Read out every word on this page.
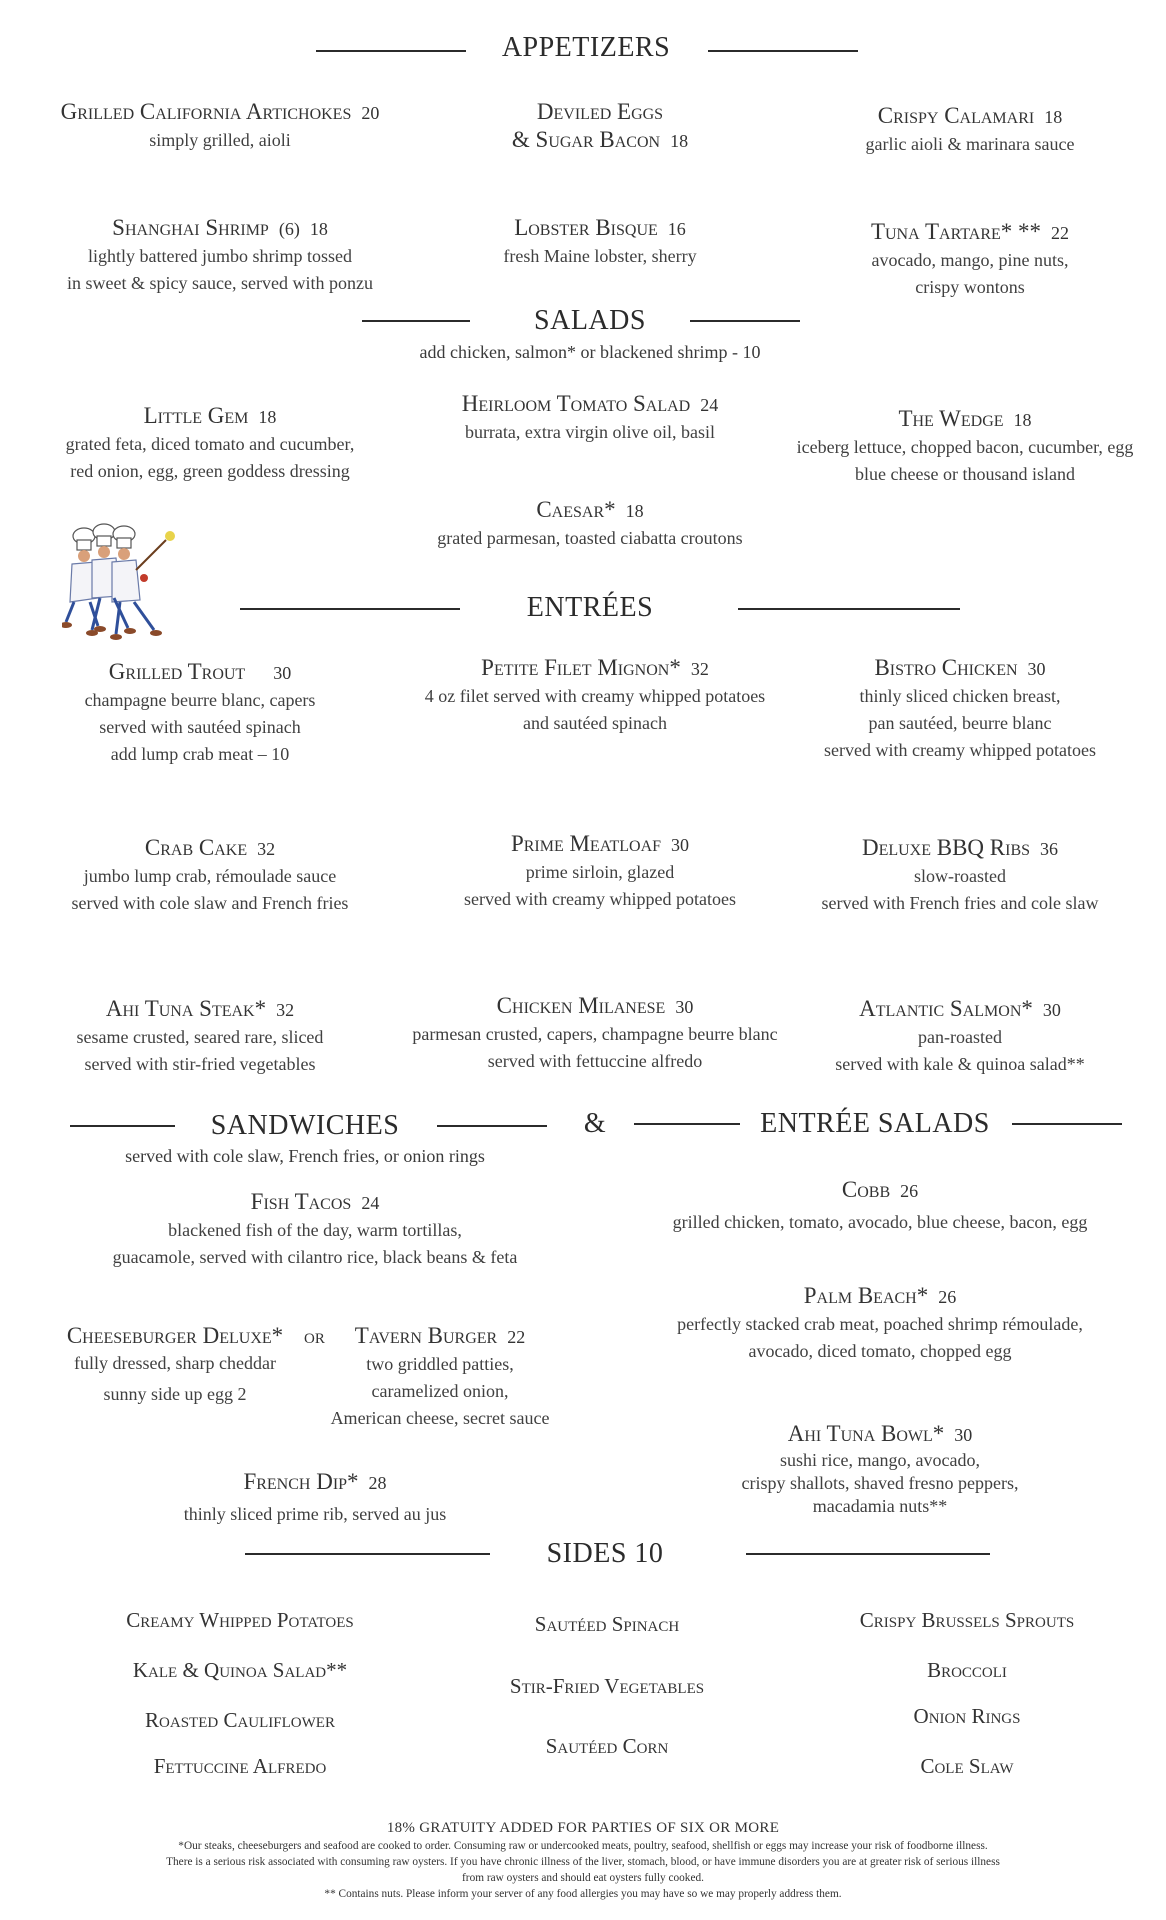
APPETIZERS
Grilled California Artichokes 20
simply grilled, aioli
Deviled Eggs
& Sugar Bacon 18
Crispy Calamari 18
garlic aioli & marinara sauce
Shanghai Shrimp (6) 18
lightly battered jumbo shrimp tossed
in sweet & spicy sauce, served with ponzu
Lobster Bisque 16
fresh Maine lobster, sherry
Tuna Tartare* ** 22
avocado, mango, pine nuts,
crispy wontons
SALADS
add chicken, salmon* or blackened shrimp - 10
Little Gem 18
grated feta, diced tomato and cucumber,
red onion, egg, green goddess dressing
Heirloom Tomato Salad 24
burrata, extra virgin olive oil, basil
The Wedge 18
iceberg lettuce, chopped bacon, cucumber, egg
blue cheese or thousand island
Caesar* 18
grated parmesan, toasted ciabatta croutons
ENTRÉES
Grilled Trout 30
champagne beurre blanc, capers
served with sautéed spinach
add lump crab meat – 10
Petite Filet Mignon* 32
4 oz filet served with creamy whipped potatoes
and sautéed spinach
Bistro Chicken 30
thinly sliced chicken breast,
pan sautéed, beurre blanc
served with creamy whipped potatoes
Crab Cake 32
jumbo lump crab, rémoulade sauce
served with cole slaw and French fries
Prime Meatloaf 30
prime sirloin, glazed
served with creamy whipped potatoes
Deluxe BBQ Ribs 36
slow-roasted
served with French fries and cole slaw
Ahi Tuna Steak* 32
sesame crusted, seared rare, sliced
served with stir-fried vegetables
Chicken Milanese 30
parmesan crusted, capers, champagne beurre blanc
served with fettuccine alfredo
Atlantic Salmon* 30
pan-roasted
served with kale & quinoa salad**
SANDWICHES	&	ENTRÉE SALADS
served with cole slaw, French fries, or onion rings
Fish Tacos 24
blackened fish of the day, warm tortillas,
guacamole, served with cilantro rice, black beans & feta
Cheeseburger Deluxe*
fully dressed, sharp cheddar
sunny side up egg 2
or	Tavern Burger 22
two griddled patties,
caramelized onion,
American cheese, secret sauce
French Dip* 28
thinly sliced prime rib, served au jus
Cobb 26
grilled chicken, tomato, avocado, blue cheese, bacon, egg
Palm Beach* 26
perfectly stacked crab meat, poached shrimp rémoulade,
avocado, diced tomato, chopped egg
Ahi Tuna Bowl* 30
sushi rice, mango, avocado,
crispy shallots, shaved fresno peppers,
macadamia nuts**
SIDES 10
Creamy Whipped Potatoes
Kale & Quinoa Salad**
Roasted Cauliflower
Fettuccine Alfredo
Sautéed Spinach
Stir-Fried Vegetables
Sautéed Corn
Crispy Brussels Sprouts
Broccoli
Onion Rings
Cole Slaw
18% GRATUITY ADDED FOR PARTIES OF SIX OR MORE
*Our steaks, cheeseburgers and seafood are cooked to order. Consuming raw or undercooked meats, poultry, seafood, shellfish or eggs may increase your risk of foodborne illness.
There is a serious risk associated with consuming raw oysters. If you have chronic illness of the liver, stomach, blood, or have immune disorders you are at greater risk of serious illness
from raw oysters and should eat oysters fully cooked.
** Contains nuts. Please inform your server of any food allergies you may have so we may properly address them.
